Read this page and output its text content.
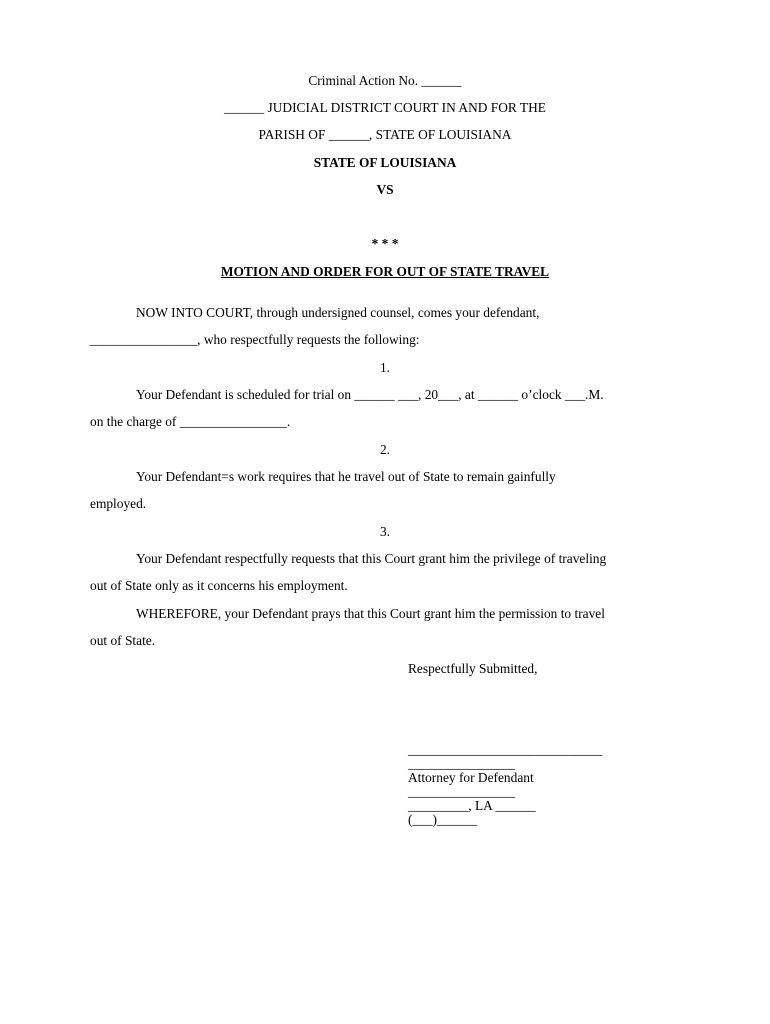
Criminal Action No. ______
______ JUDICIAL DISTRICT COURT IN AND FOR THE
PARISH OF ______, STATE OF LOUISIANA
STATE OF LOUISIANA
VS
* * *
MOTION AND ORDER FOR OUT OF STATE TRAVEL
NOW INTO COURT, through undersigned counsel, comes your defendant,
________________, who respectfully requests the following:
1.
Your Defendant is scheduled for trial on ______ ___, 20___, at ______ o’clock ___.M.
on the charge of ________________.
2.
Your Defendant=s work requires that he travel out of State to remain gainfully
employed.
3.
Your Defendant respectfully requests that this Court grant him the privilege of traveling
out of State only as it concerns his employment.
WHEREFORE, your Defendant prays that this Court grant him the permission to travel
out of State.
Respectfully Submitted,
_____________________________
________________
Attorney for Defendant
________________
_________, LA ______
(___)______
